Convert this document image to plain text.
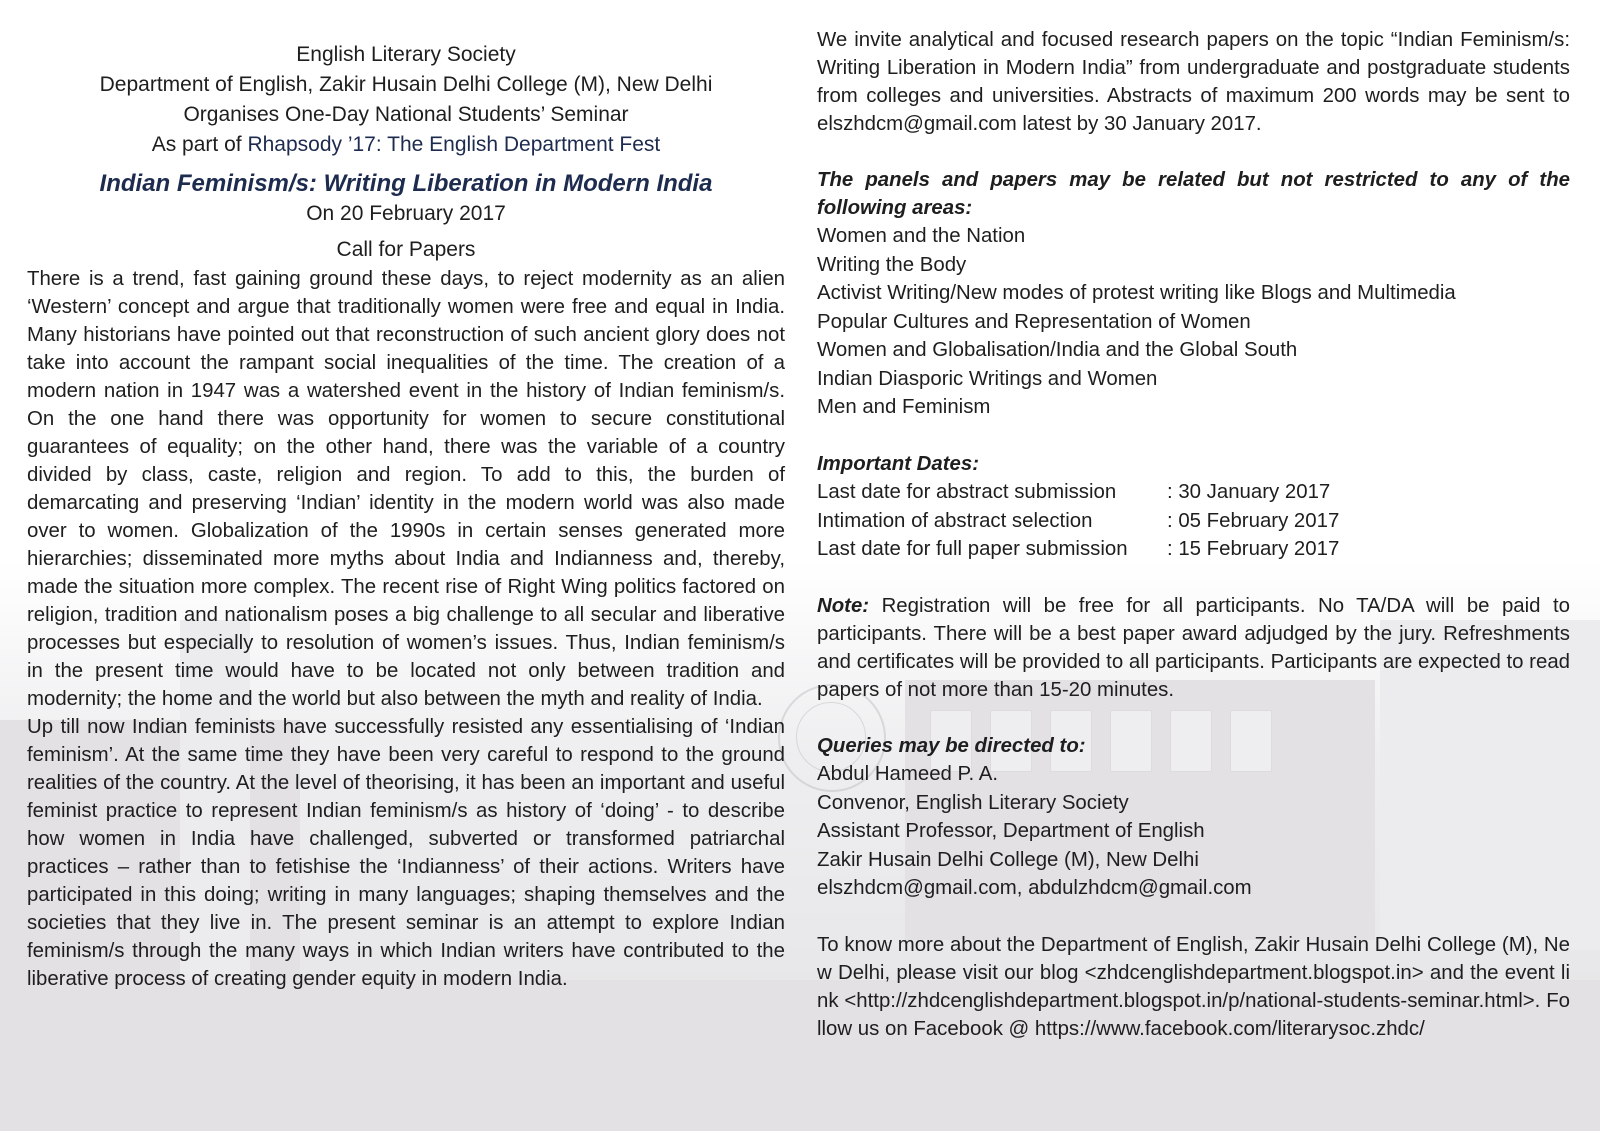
English Literary Society
Department of English, Zakir Husain Delhi College (M), New Delhi
Organises One-Day National Students’ Seminar
As part of Rhapsody ’17: The English Department Fest
Indian Feminism/s: Writing Liberation in Modern India
On 20 February 2017
Call for Papers

There is a trend, fast gaining ground these days, to reject modernity as an alien ‘Western’ concept and argue that traditionally women were free and equal in India. Many historians have pointed out that reconstruction of such ancient glory does not take into account the rampant social inequalities of the time. The creation of a modern nation in 1947 was a watershed event in the history of Indian feminism/s. On the one hand there was opportunity for women to secure constitutional guarantees of equality; on the other hand, there was the variable of a country divided by class, caste, religion and region. To add to this, the burden of demarcating and preserving ‘Indian’ identity in the modern world was also made over to women. Globalization of the 1990s in certain senses generated more hierarchies; disseminated more myths about India and Indianness and, thereby, made the situation more complex. The recent rise of Right Wing politics factored on religion, tradition and nationalism poses a big challenge to all secular and liberative processes but especially to resolution of women’s issues. Thus, Indian feminism/s in the present time would have to be located not only between tradition and modernity; the home and the world but also between the myth and reality of India.

Up till now Indian feminists have successfully resisted any essentialising of ‘Indian feminism’. At the same time they have been very careful to respond to the ground realities of the country. At the level of theorising, it has been an important and useful feminist practice to represent Indian feminism/s as history of ‘doing’ - to describe how women in India have challenged, subverted or transformed patriarchal practices – rather than to fetishise the ‘Indianness’ of their actions. Writers have participated in this doing; writing in many languages; shaping themselves and the societies that they live in. The present seminar is an attempt to explore Indian feminism/s through the many ways in which Indian writers have contributed to the liberative process of creating gender equity in modern India.

We invite analytical and focused research papers on the topic “Indian Feminism/s: Writing Liberation in Modern India” from undergraduate and postgraduate students from colleges and universities. Abstracts of maximum 200 words may be sent to elszhdcm@gmail.com latest by 30 January 2017.

The panels and papers may be related but not restricted to any of the following areas:

Women and the Nation
Writing the Body
Activist Writing/New modes of protest writing like Blogs and Multimedia
Popular Cultures and Representation of Women
Women and Globalisation/India and the Global South
Indian Diasporic Writings and Women
Men and Feminism
Important Dates:
Last date for abstract submission	: 30 January 2017
Intimation of abstract selection	: 05 February 2017
Last date for full paper submission	: 15 February 2017

Note: Registration will be free for all participants. No TA/DA will be paid to participants. There will be a best paper award adjudged by the jury. Refreshments and certificates will be provided to all participants. Participants are expected to read papers of not more than 15-20 minutes.

Queries may be directed to:
Abdul Hameed P. A.
Convenor, English Literary Society
Assistant Professor, Department of English
Zakir Husain Delhi College (M), New Delhi
elszhdcm@gmail.com, abdulzhdcm@gmail.com

To know more about the Department of English, Zakir Husain Delhi College (M), New Delhi, please visit our blog <zhdcenglishdepartment.blogspot.in> and the event link <http://zhdcenglishdepartment.blogspot.in/p/national-students-seminar.html>. Follow us on Facebook @ https://www.facebook.com/literarysoc.zhdc/
